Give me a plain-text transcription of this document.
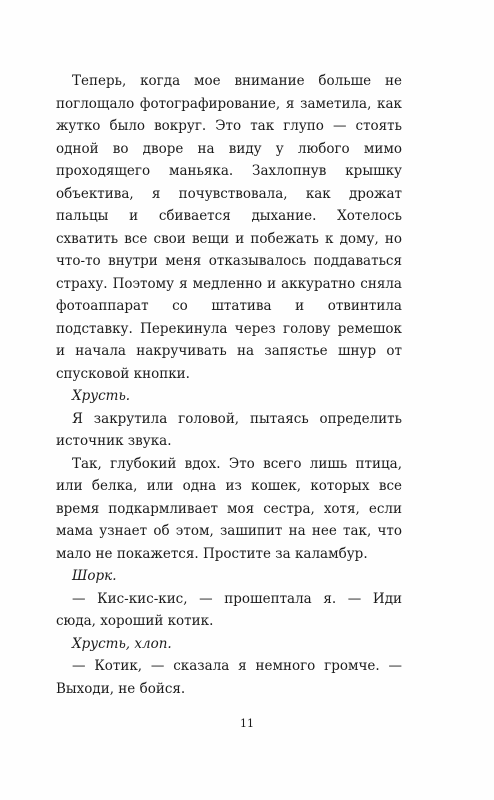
Теперь, когда мое внимание больше не поглощало фотографирование, я заметила, как жутко было вокруг. Это так глупо — стоять одной во дворе на виду у любого мимо проходящего маньяка. Захлопнув крышку объектива, я почувствовала, как дрожат пальцы и сбивается дыхание. Хотелось схватить все свои вещи и побежать к дому, но что-то внутри меня отказывалось поддаваться страху. Поэтому я медленно и аккуратно сняла фотоаппарат со штатива и отвинтила подставку. Перекинула через голову ремешок и начала накручивать на запястье шнур от спусковой кнопки.

Хрусть.

Я закрутила головой, пытаясь определить источник звука.

Так, глубокий вдох. Это всего лишь птица, или белка, или одна из кошек, которых все время подкармливает моя сестра, хотя, если мама узнает об этом, зашипит на нее так, что мало не покажется. Простите за каламбур.

Шорк.

— Кис-кис-кис, — прошептала я. — Иди сюда, хороший котик.

Хрусть, хлоп.

— Котик, — сказала я немного громче. — Выходи, не бойся.

11
